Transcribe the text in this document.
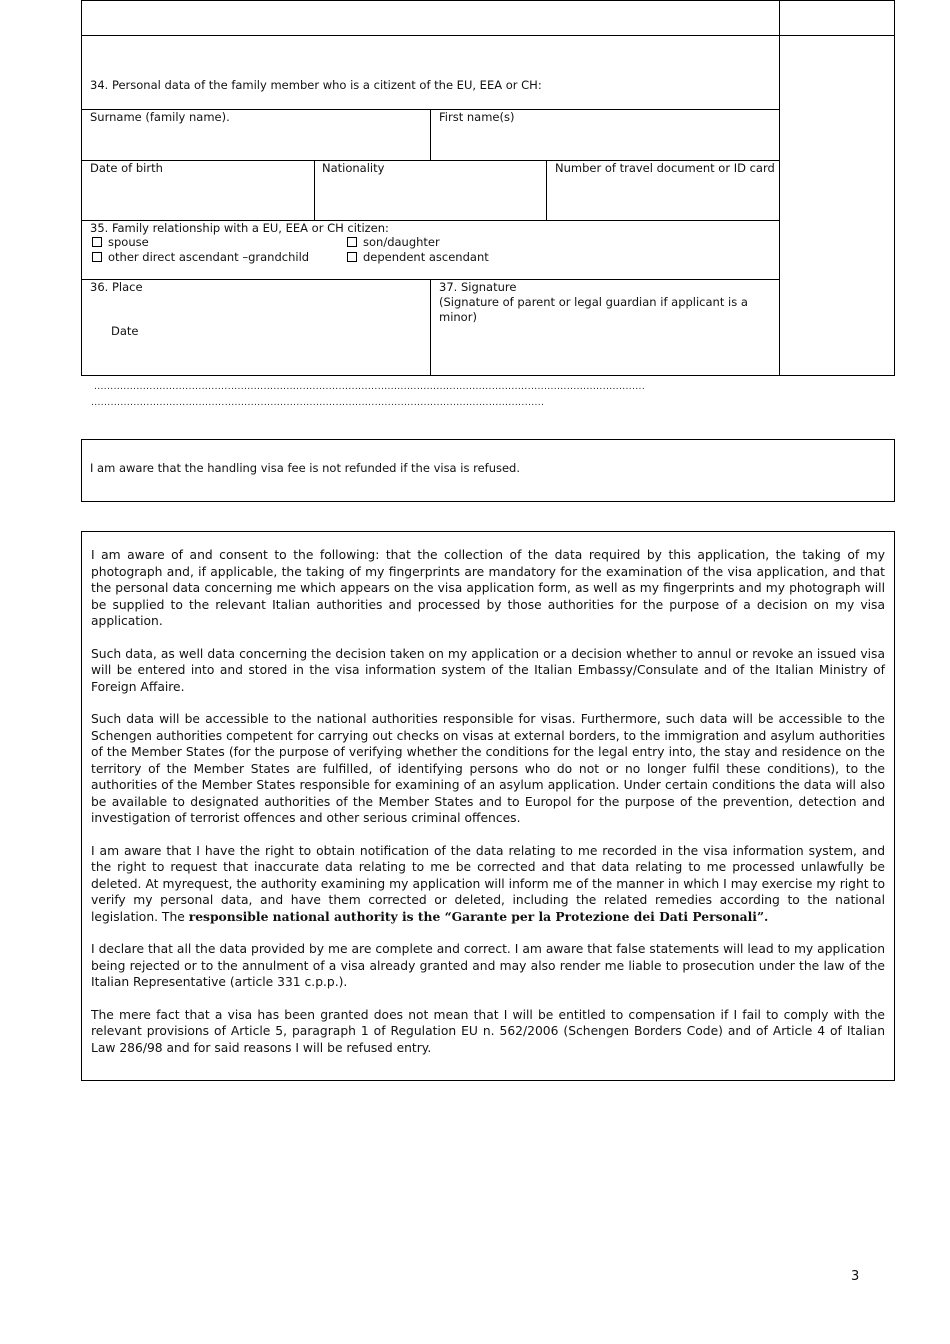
34. Personal data of the family member who is a citizent of the EU, EEA or CH:
Surname (family name).	First name(s)
Date of birth	Nationality	Number of travel document or ID card
35. Family relationship with a EU, EEA or CH citizen:
spouse	son/daughter
other direct ascendant –grandchild	dependent ascendant
36. Place
Date
37. Signature
(Signature of parent or legal guardian if applicant is a
minor)
.........................................................................................................................................................................
...........................................................................................................................................
I am aware that the handling visa fee is not refunded if the visa is refused.

I am aware of and consent to the following: that the collection of the data required by this application, the taking of my photograph and, if applicable, the taking of my fingerprints are mandatory for the examination of the visa application, and that the personal data concerning me which appears on the visa application form, as well as my fingerprints and my photograph will be supplied to the relevant Italian authorities and processed by those authorities for the purpose of a decision on my visa application.

Such data, as well data concerning the decision taken on my application or a decision whether to annul or revoke an issued visa will be entered into and stored in the visa information system of the Italian Embassy/Consulate and of the Italian Ministry of Foreign Affaire.

Such data will be accessible to the national authorities responsible for visas. Furthermore, such data will be accessible to the Schengen authorities competent for carrying out checks on visas at external borders, to the immigration and asylum authorities of the Member States (for the purpose of verifying whether the conditions for the legal entry into, the stay and residence on the territory of the Member States are fulfilled, of identifying persons who do not or no longer fulfil these conditions), to the authorities of the Member States responsible for examining of an asylum application. Under certain conditions the data will also be available to designated authorities of the Member States and to Europol for the purpose of the prevention, detection and investigation of terrorist offences and other serious criminal offences.

I am aware that I have the right to obtain notification of the data relating to me recorded in the visa information system, and the right to request that inaccurate data relating to me be corrected and that data relating to me processed unlawfully be deleted. At myrequest, the authority examining my application will inform me of the manner in which I may exercise my right to verify my personal data, and have them corrected or deleted, including the related remedies according to the national legislation. The responsible national authority is the “Garante per la Protezione dei Dati Personali”.

I declare that all the data provided by me are complete and correct. I am aware that false statements will lead to my application being rejected or to the annulment of a visa already granted and may also render me liable to prosecution under the law of the Italian Representative (article 331 c.p.p.).

The mere fact that a visa has been granted does not mean that I will be entitled to compensation if I fail to comply with the relevant provisions of Article 5, paragraph 1 of Regulation EU n. 562/2006 (Schengen Borders Code) and of Article 4 of Italian Law 286/98 and for said reasons I will be refused entry.

3
